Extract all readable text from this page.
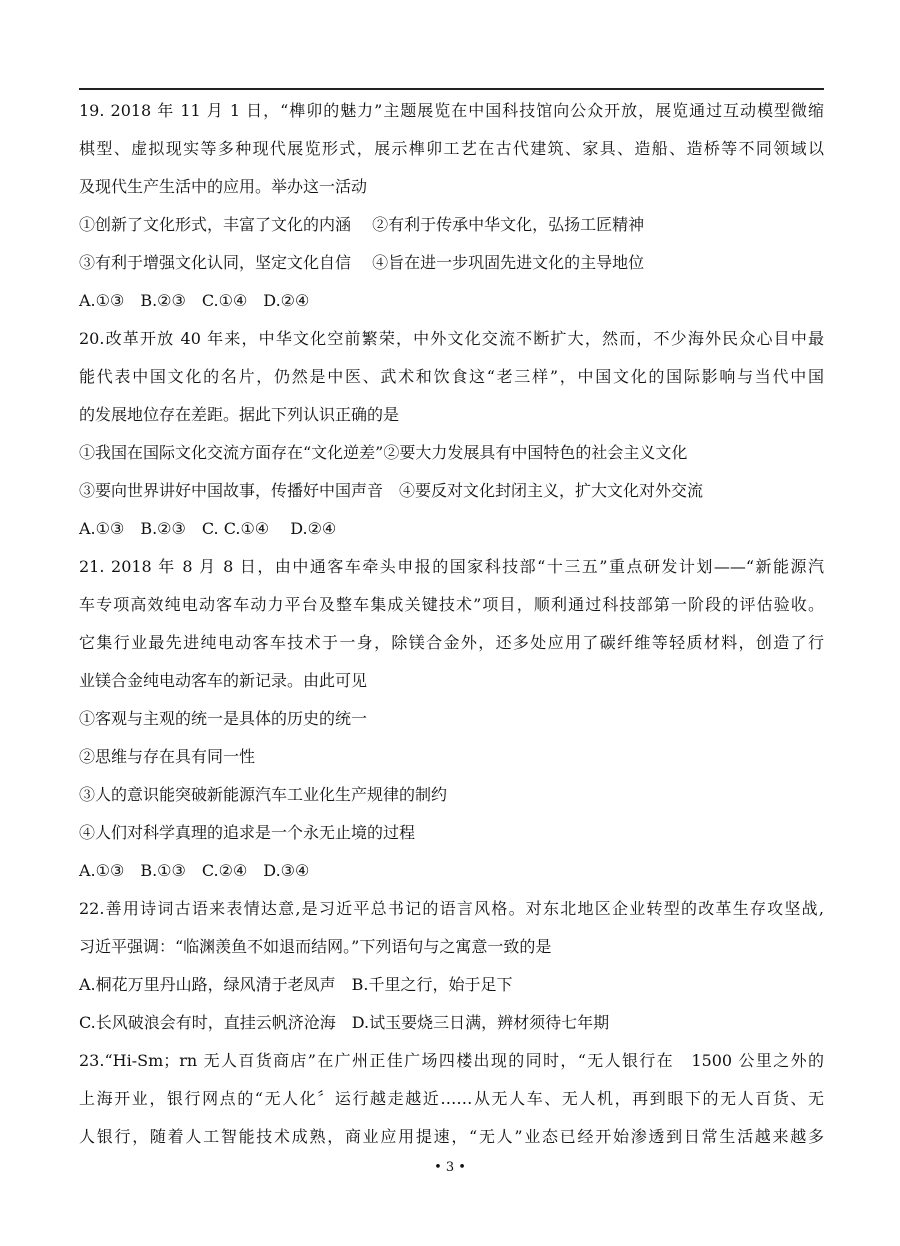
19. 2018 年 11 月 1 日，“榫卯的魅力”主题展览在中国科技馆向公众开放，展览通过互动模型微缩
棋型、虚拟现实等多种现代展览形式，展示榫卯工艺在古代建筑、家具、造船、造桥等不同领域以
及现代生产生活中的应用。举办这一活动
①创新了文化形式，丰富了文化的内涵　 ②有利于传承中华文化，弘扬工匠精神
③有利于增强文化认同，坚定文化自信　 ④旨在进一步巩固先进文化的主导地位
A.①③　B.②③　C.①④　D.②④
20.改革开放 40 年来，中华文化空前繁荣，中外文化交流不断扩大，然而，不少海外民众心目中最
能代表中国文化的名片，仍然是中医、武术和饮食这“老三样”，中国文化的国际影响与当代中国
的发展地位存在差距。据此下列认识正确的是
①我国在国际文化交流方面存在“文化逆差”②要大力发展具有中国特色的社会主义文化
③要向世界讲好中国故事，传播好中国声音　④要反对文化封闭主义，扩大文化对外交流
A.①③　B.②③　C. C.①④　 D.②④
21. 2018 年 8 月 8 日，由中通客车牵头申报的国家科技部“十三五”重点研发计划——“新能源汽
车专项高效纯电动客车动力平台及整车集成关键技术”项目，顺利通过科技部第一阶段的评估验收。
它集行业最先进纯电动客车技术于一身，除镁合金外，还多处应用了碳纤维等轻质材料，创造了行
业镁合金纯电动客车的新记录。由此可见
①客观与主观的统一是具体的历史的统一
②思维与存在具有同一性
③人的意识能突破新能源汽车工业化生产规律的制约
④人们对科学真理的追求是一个永无止境的过程
A.①③　B.①③　C.②④　D.③④
22.善用诗词古语来表情达意,是习近平总书记的语言风格。对东北地区企业转型的改革生存攻坚战,
习近平强调：“临渊羡鱼不如退而结网。”下列语句与之寓意一致的是
A.桐花万里丹山路，绿风清于老凤声　B.千里之行，始于足下
C.长风破浪会有时，直挂云帆济沧海　D.试玉要烧三日满，辨材须待七年期
23.“Hi-Sm；rn 无人百货商店”在广州正佳广场四楼出现的同时，“无人银行在　1500 公里之外的
上海开业，银行网点的“无人化〞运行越走越近……从无人车、无人机，再到眼下的无人百货、无
人银行，随着人工智能技术成熟，商业应用提速，“无人”业态已经开始渗透到日常生活越来越多
• 3 •
